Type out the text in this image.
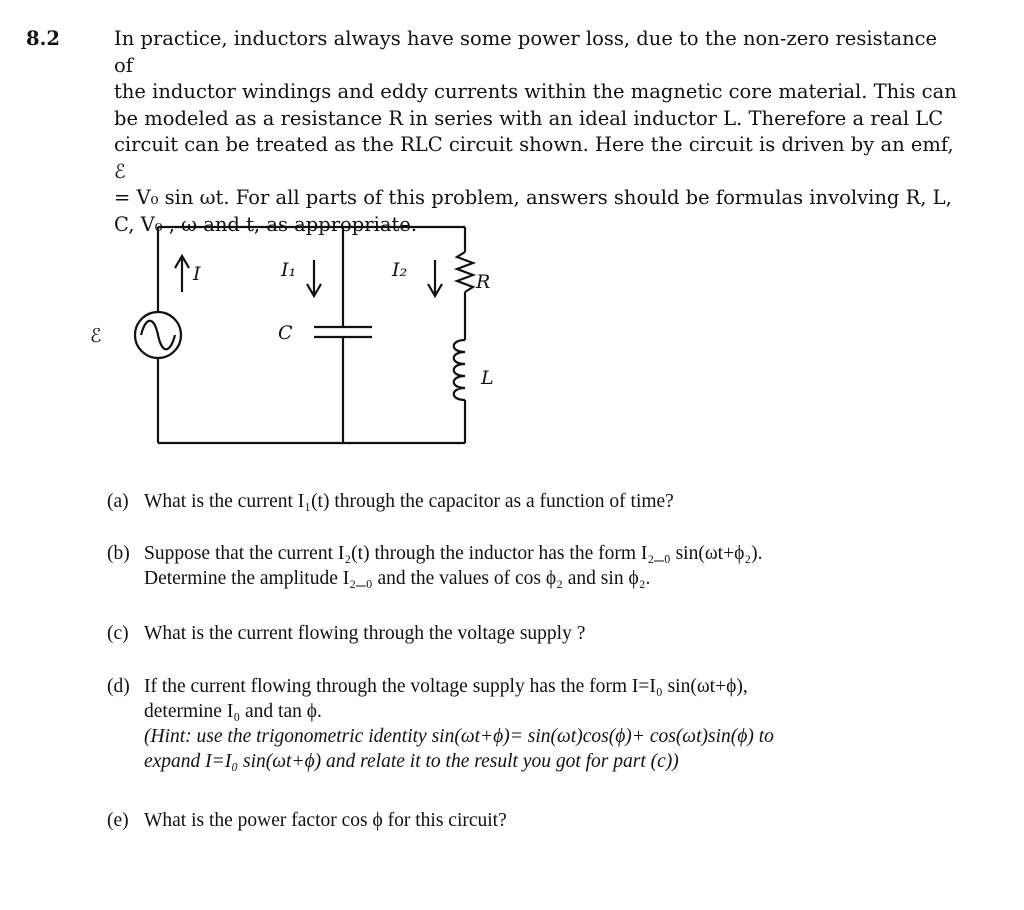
8.2	In practice, inductors always have some power loss, due to the non-zero resistance of

the inductor windings and eddy currents within the magnetic core material. This can

be modeled as a resistance R in series with an ideal inductor L. Therefore a real LC

circuit can be treated as the RLC circuit shown. Here the circuit is driven by an emf, ℰ

= V₀ sin ωt. For all parts of this problem, answers should be formulas involving R, L,

C, V₀ , ω and t, as appropriate.

ℰ
I	I₁	I₂
C
R
L
(a) What is the current I₁(t) through the capacitor as a function of time?
(b) Suppose that the current I₂(t) through the inductor has the form I₂_₀ sin(ωt+ϕ₂).
Determine the amplitude I₂_₀ and the values of cos ϕ₂ and sin ϕ₂.
(c) What is the current flowing through the voltage supply ?
(d) If the current flowing through the voltage supply has the form I=I₀ sin(ωt+ϕ),
determine I₀ and tan ϕ.
(Hint: use the trigonometric identity sin(ωt+ϕ)= sin(ωt)cos(ϕ)+ cos(ωt)sin(ϕ) to
expand I=I₀ sin(ωt+ϕ) and relate it to the result you got for part (c))
(e) What is the power factor cos ϕ for this circuit?
